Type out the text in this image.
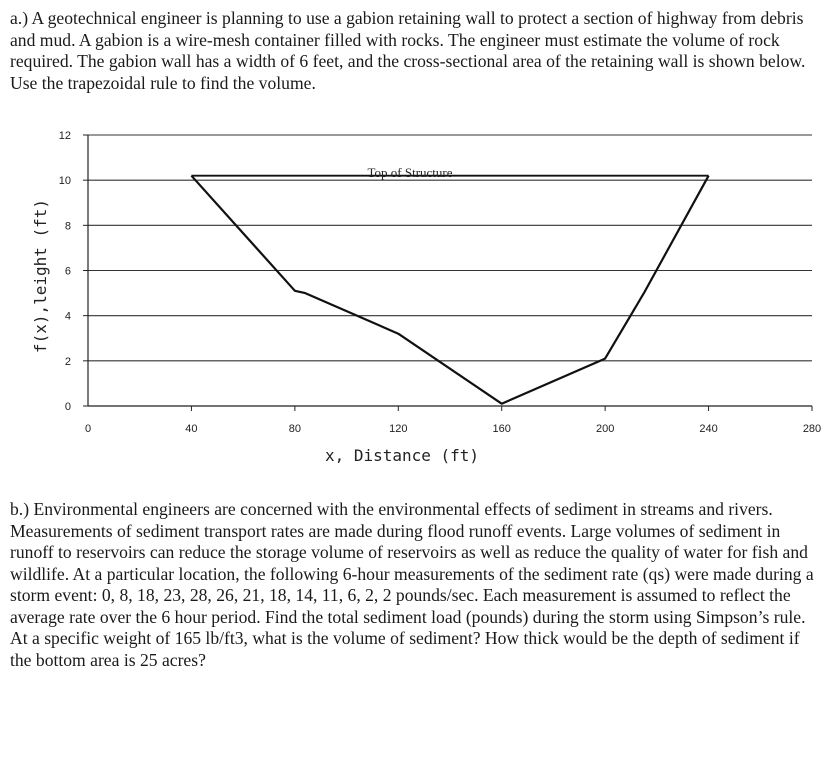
a.) A geotechnical engineer is planning to use a gabion retaining wall to protect a section of highway from debris and mud. A gabion is a wire-mesh container filled with rocks. The engineer must estimate the volume of rock required. The gabion wall has a width of 6 feet, and the cross-sectional area of the retaining wall is shown below. Use the trapezoidal rule to find the volume.

0
2
4
6
8
10
12
0	40	80	120	160	200	240	280
Top of Structure
x, Distance (ft)
f(x),leight (ft)

b.) Environmental engineers are concerned with the environmental effects of sediment in streams and rivers. Measurements of sediment transport rates are made during flood runoff events. Large volumes of sediment in runoff to reservoirs can reduce the storage volume of reservoirs as well as reduce the quality of water for fish and wildlife. At a particular location, the following 6-hour measurements of the sediment rate (qs) were made during a storm event: 0, 8, 18, 23, 28, 26, 21, 18, 14, 11, 6, 2, 2 pounds/sec. Each measurement is assumed to reflect the average rate over the 6 hour period. Find the total sediment load (pounds) during the storm using Simpson’s rule. At a specific weight of 165 lb/ft3, what is the volume of sediment? How thick would be the depth of sediment if the bottom area is 25 acres?
